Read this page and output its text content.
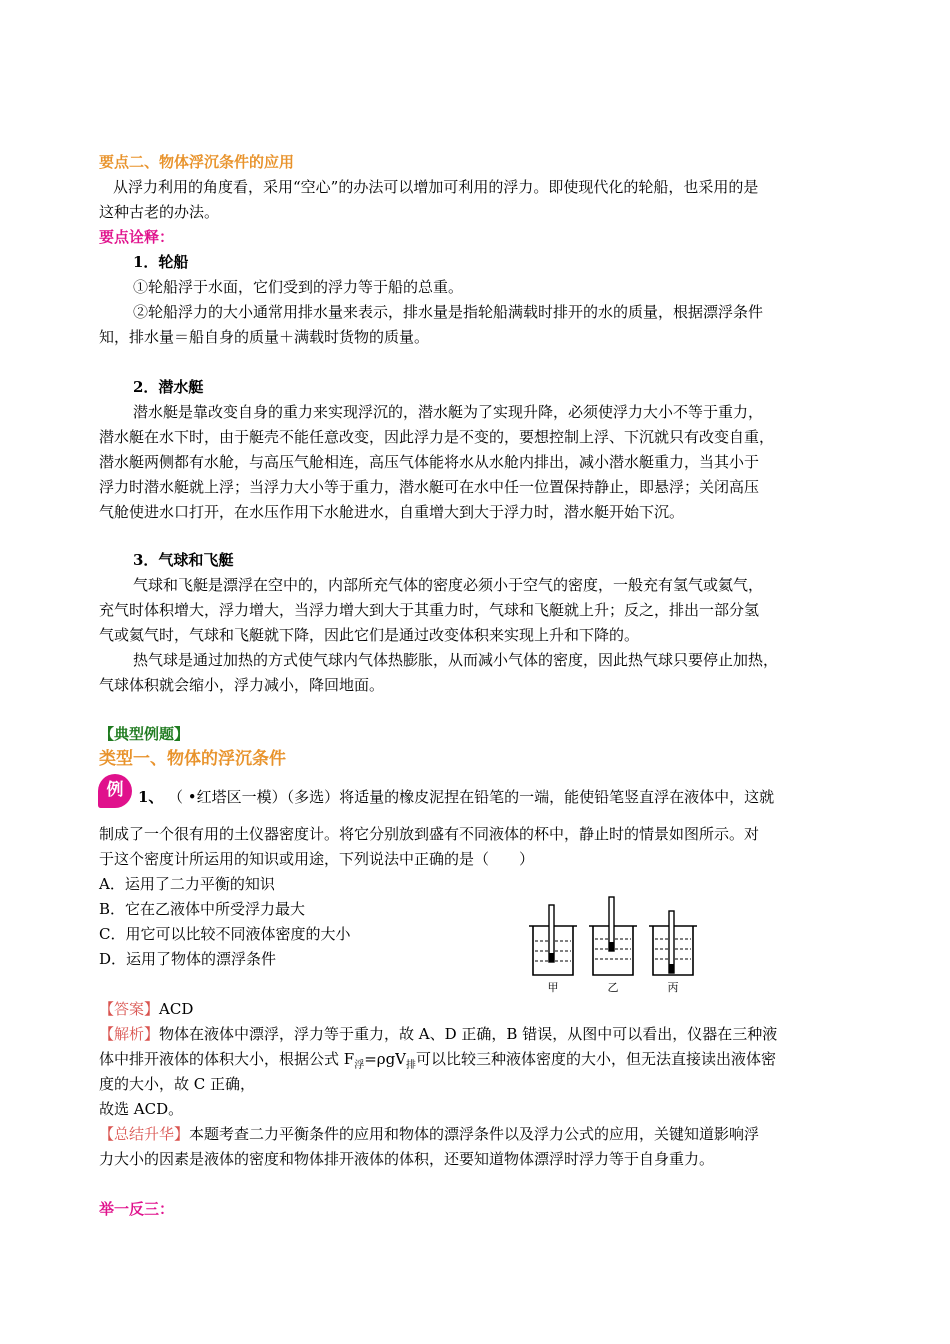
要点二、物体浮沉条件的应用
从浮力利用的角度看，采用“空心”的办法可以增加可利用的浮力。即使现代化的轮船，也采用的是
这种古老的办法。
要点诠释：
1．轮船
①轮船浮于水面，它们受到的浮力等于船的总重。
②轮船浮力的大小通常用排水量来表示，排水量是指轮船满载时排开的水的质量，根据漂浮条件
知，排水量＝船自身的质量＋满载时货物的质量。
2．潜水艇
潜水艇是靠改变自身的重力来实现浮沉的，潜水艇为了实现升降，必须使浮力大小不等于重力，
潜水艇在水下时，由于艇壳不能任意改变，因此浮力是不变的，要想控制上浮、下沉就只有改变自重，
潜水艇两侧都有水舱，与高压气舱相连，高压气体能将水从水舱内排出，减小潜水艇重力，当其小于
浮力时潜水艇就上浮；当浮力大小等于重力，潜水艇可在水中任一位置保持静止，即悬浮；关闭高压
气舱使进水口打开，在水压作用下水舱进水，自重增大到大于浮力时，潜水艇开始下沉。
3．气球和飞艇
气球和飞艇是漂浮在空中的，内部所充气体的密度必须小于空气的密度，一般充有氢气或氦气，
充气时体积增大，浮力增大，当浮力增大到大于其重力时，气球和飞艇就上升；反之，排出一部分氢
气或氦气时，气球和飞艇就下降，因此它们是通过改变体积来实现上升和下降的。
热气球是通过加热的方式使气球内气体热膨胀，从而减小气体的密度，因此热气球只要停止加热，
气球体积就会缩小，浮力减小，降回地面。
【典型例题】
类型一、物体的浮沉条件
例 1、 （ •红塔区一模）（多选）将适量的橡皮泥捏在铅笔的一端，能使铅笔竖直浮在液体中，这就
制成了一个很有用的土仪器密度计。将它分别放到盛有不同液体的杯中，静止时的情景如图所示。对
于这个密度计所运用的知识或用途，下列说法中正确的是（　　）
A．运用了二力平衡的知识
B．它在乙液体中所受浮力最大
C．用它可以比较不同液体密度的大小
D．运用了物体的漂浮条件
甲	乙	丙
【答案】ACD
【解析】物体在液体中漂浮，浮力等于重力，故 A、D 正确，B 错误，从图中可以看出，仪器在三种液
体中排开液体的体积大小，根据公式 $F_浮=\rho gV_排$可以比较三种液体密度的大小，但无法直接读出液体密
度的大小，故 C 正确，
故选 ACD。
【总结升华】本题考查二力平衡条件的应用和物体的漂浮条件以及浮力公式的应用，关键知道影响浮
力大小的因素是液体的密度和物体排开液体的体积，还要知道物体漂浮时浮力等于自身重力。
举一反三：
